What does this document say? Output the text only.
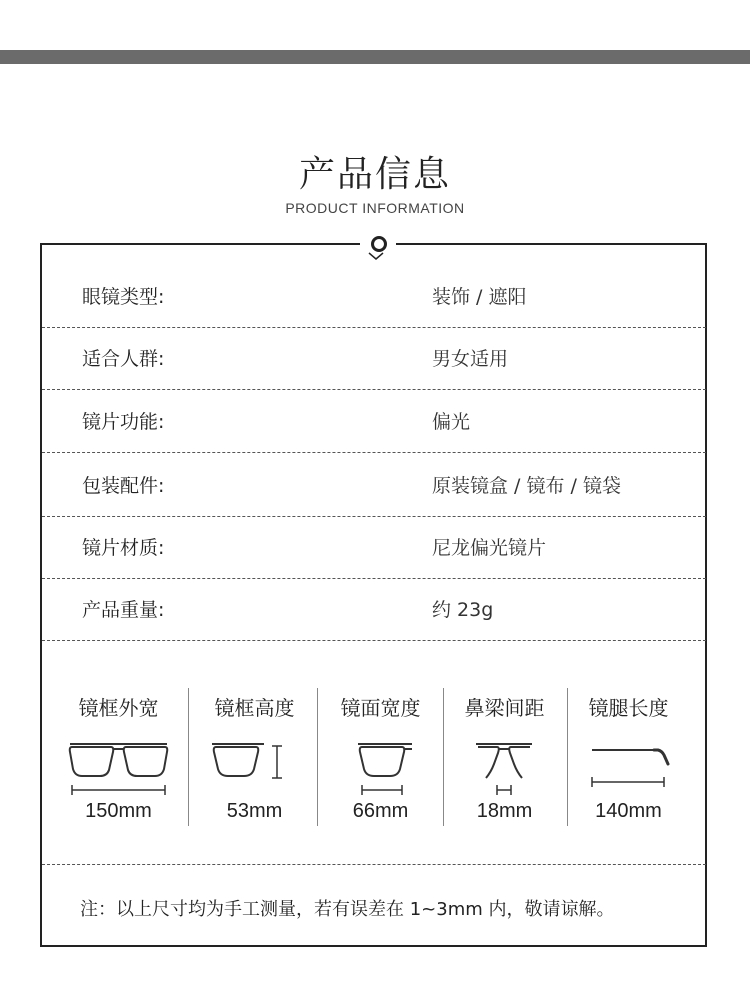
产品信息
PRODUCT INFORMATION
眼镜类型:	装饰 / 遮阳
适合人群:	男女适用
镜片功能:	偏光
包装配件:	原装镜盒 / 镜布 / 镜袋
镜片材质:	尼龙偏光镜片
产品重量:	约 23g
镜框外宽
150mm
镜框高度
53mm
镜面宽度
66mm
鼻梁间距
18mm
镜腿长度
140mm
注：以上尺寸均为手工测量，若有误差在 1~3mm 内，敬请谅解。
